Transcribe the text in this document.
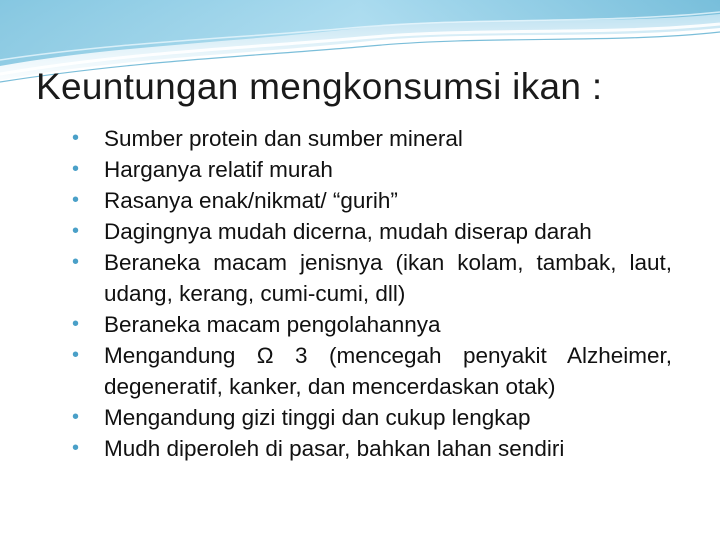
Keuntungan mengkonsumsi ikan :
•	Sumber protein dan sumber mineral
•	Harganya relatif murah
•	Rasanya enak/nikmat/ “gurih”
•	Dagingnya mudah dicerna, mudah diserap darah
•	Beraneka macam jenisnya (ikan kolam, tambak, laut, udang, kerang, cumi-cumi, dll)
•	Beraneka macam pengolahannya
•	Mengandung Ω 3 (mencegah penyakit Alzheimer, degeneratif, kanker, dan mencerdaskan otak)
•	Mengandung gizi tinggi dan cukup lengkap
•	Mudh diperoleh di pasar, bahkan lahan sendiri
